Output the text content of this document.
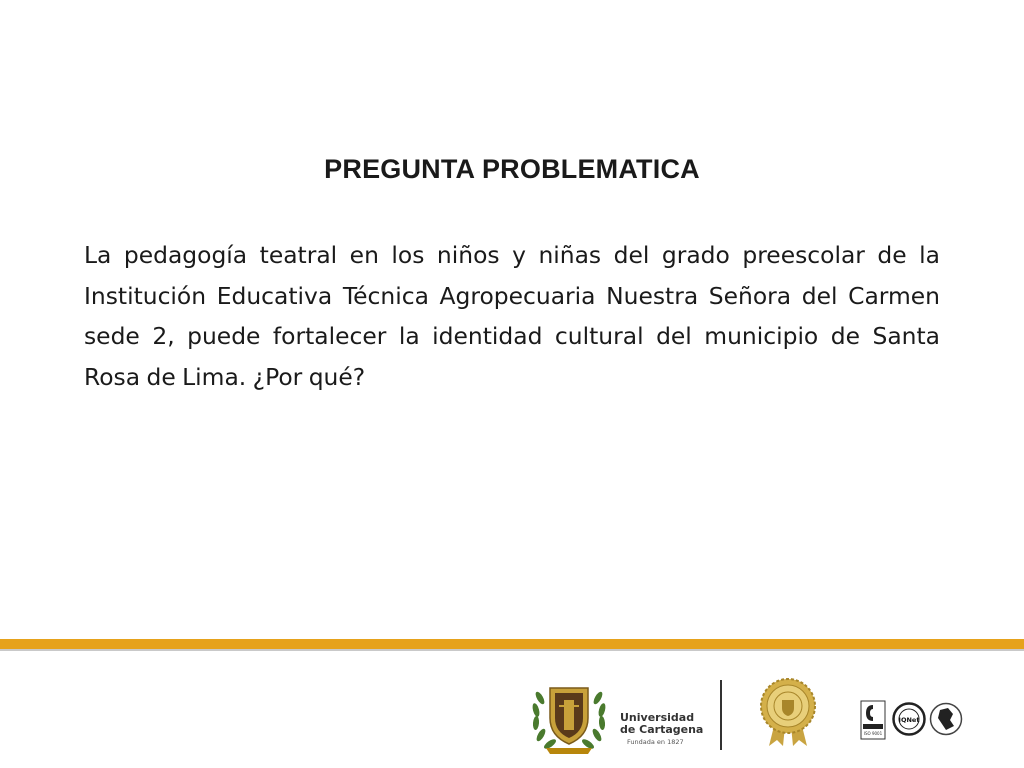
PREGUNTA PROBLEMATICA
La pedagogía teatral en los niños y niñas del grado preescolar de la Institución Educativa Técnica Agropecuaria Nuestra Señora del Carmen sede 2, puede fortalecer la identidad cultural del municipio de Santa Rosa de Lima. ¿Por qué?
Universidad
de Cartagena
Fundada en 1827
ISO 9001
IQNet
